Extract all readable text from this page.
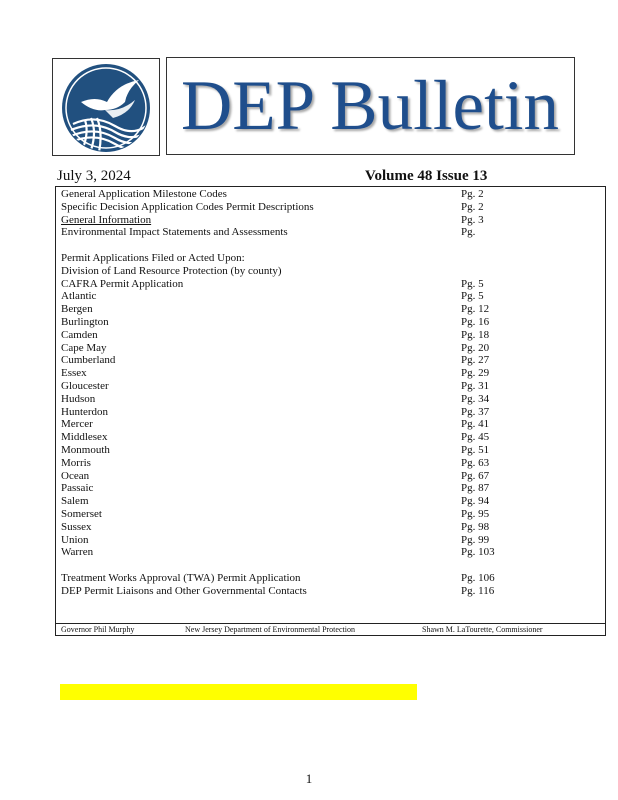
DEP Bulletin
July 3, 2024	Volume 48 Issue 13
General Application Milestone Codes	Pg. 2
Specific Decision Application Codes Permit Descriptions	Pg. 2
General Information	Pg. 3
Environmental Impact Statements and Assessments	Pg.
Permit Applications Filed or Acted Upon:
Division of Land Resource Protection (by county)
CAFRA Permit Application	Pg. 5
Atlantic	Pg. 5
Bergen	Pg. 12
Burlington	Pg. 16
Camden	Pg. 18
Cape May	Pg. 20
Cumberland	Pg. 27
Essex	Pg. 29
Gloucester	Pg. 31
Hudson	Pg. 34
Hunterdon	Pg. 37
Mercer	Pg. 41
Middlesex	Pg. 45
Monmouth	Pg. 51
Morris	Pg. 63
Ocean	Pg. 67
Passaic	Pg. 87
Salem	Pg. 94
Somerset	Pg. 95
Sussex	Pg. 98
Union	Pg. 99
Warren	Pg. 103
Treatment Works Approval (TWA) Permit Application	Pg. 106
DEP Permit Liaisons and Other Governmental Contacts	Pg. 116
Governor Phil Murphy	New Jersey Department of Environmental Protection	Shawn M. LaTourette, Commissioner
1
